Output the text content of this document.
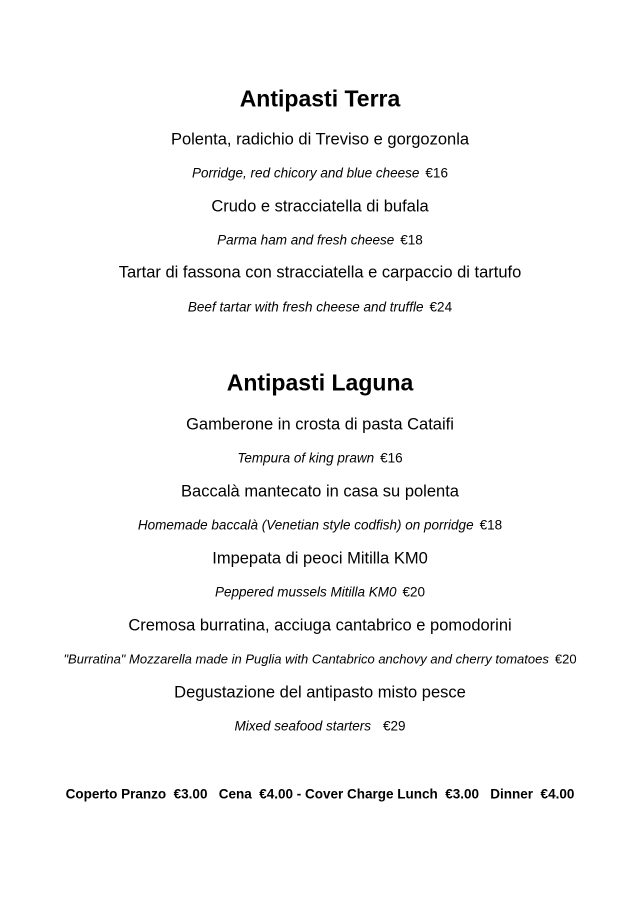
Antipasti Terra
Polenta, radichio di Treviso e gorgozonla
Porridge, red chicory and blue cheese €16
Crudo e stracciatella di bufala
Parma ham and fresh cheese €18
Tartar di fassona con stracciatella e carpaccio di tartufo
Beef tartar with fresh cheese and truffle €24
Antipasti Laguna
Gamberone in crosta di pasta Cataifi
Tempura of king prawn €16
Baccalà mantecato in casa su polenta
Homemade baccalà (Venetian style codfish) on porridge €18
Impepata di peoci Mitilla KM0
Peppered mussels Mitilla KM0 €20
Cremosa burratina, acciuga cantabrico e pomodorini
"Burratina" Mozzarella made in Puglia with Cantabrico anchovy and cherry tomatoes €20
Degustazione del antipasto misto pesce
Mixed seafood starters €29
Coperto Pranzo  €3.00   Cena  €4.00 - Cover Charge Lunch  €3.00   Dinner  €4.00
